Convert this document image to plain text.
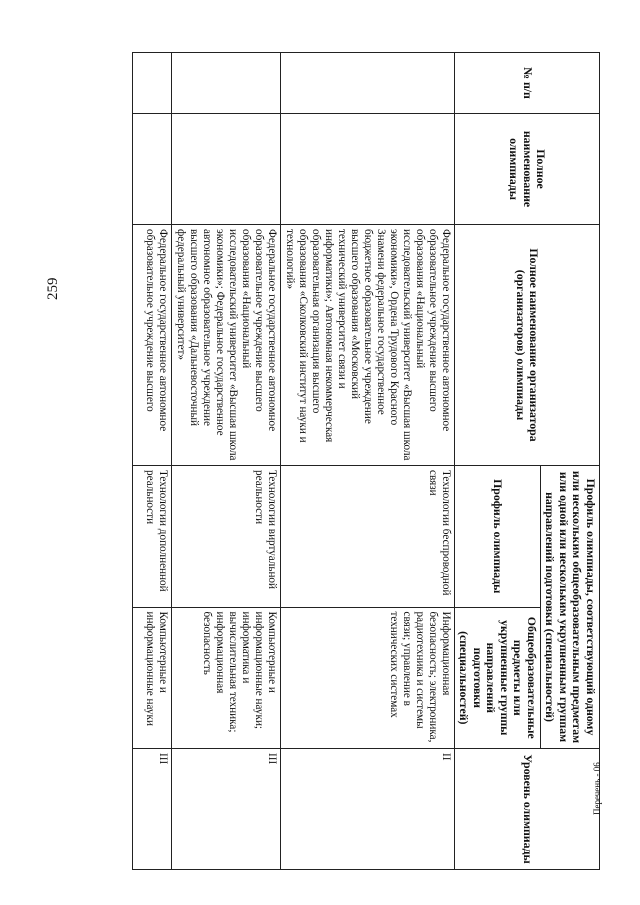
259
№ п/п	Полное наименование олимпиады	Полное наименование организатора (организаторов) олимпиады	Профиль олимпиады, соответствующий одному или нескольким общеобразовательным предметам или одной или нескольким укрупненным группам направлений подготовки (специальностей)		Уровень олимпиады
			Профиль олимпиады	Общеобразовательные предметы или укрупненные группы направлений подготовки (специальностей)	
		Федеральное государственное автономное образовательное учреждение высшего образования «Национальный исследовательский университет «Высшая школа экономики», Ордена Трудового Красного Знамени федеральное государственное бюджетное образовательное учреждение высшего образования «Московский технический университет связи и информатики»; Автономная некоммерческая образовательная организация высшего образования «Сколковский институт науки и технологий»	Технологии беспроводной связи	Информационная безопасность; электроника, радиотехника и системы связи; управление в технических системах	II
		Федеральное государственное автономное образовательное учреждение высшего образования «Национальный исследовательский университет «Высшая школа экономики»; Федеральное государственное автономное образовательное учреждение высшего образования «Дальневосточный федеральный университет»	Технологии виртуальной реальности	Компьютерные и информационные науки; информатика и вычислительная техника; информационная безопасность	III
		Федеральное государственное автономное образовательное учреждение высшего	Технологии дополненной реальности	Компьютерные и информационные науки	III
Перечень - 06
